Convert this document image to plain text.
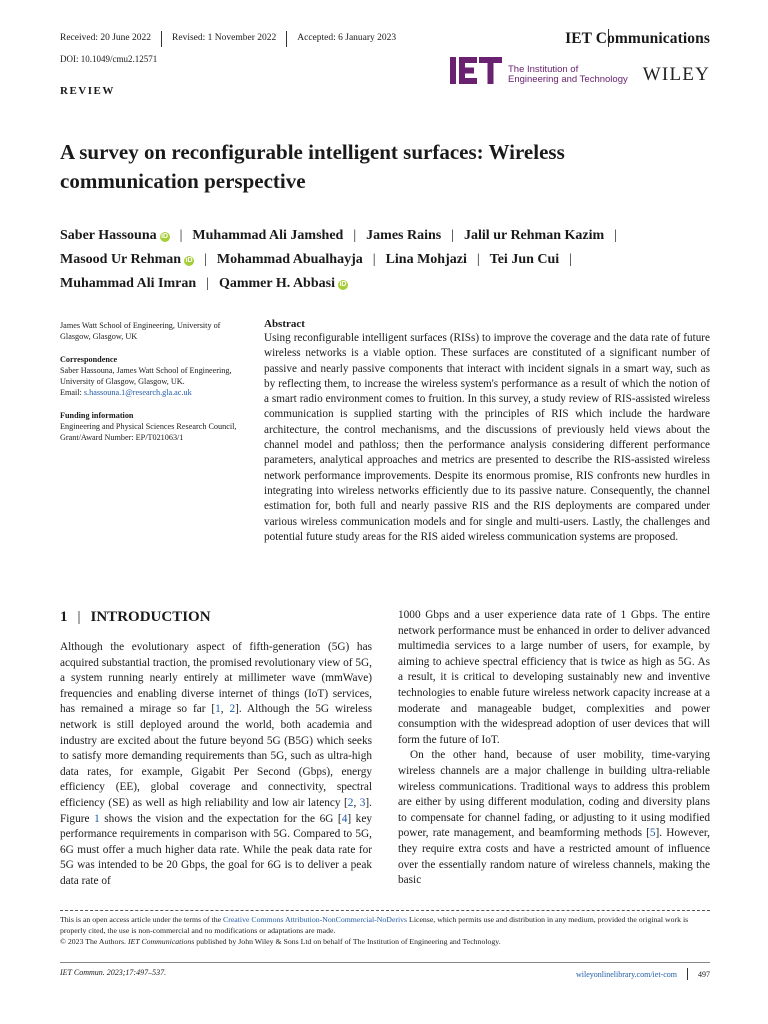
Received: 20 June 2022 Revised: 1 November 2022 Accepted: 6 January 2023	IET Communications
DOI: 10.1049/cmu2.12571
The Institution of
Engineering and Technology WILEY
REVIEW
A survey on reconfigurable intelligent surfaces: Wireless communication perspective
Saber Hassouna iD | Muhammad Ali Jamshed | James Rains | Jalil ur Rehman Kazim |
Masood Ur Rehman iD | Mohammad Abualhayja | Lina Mohjazi | Tei Jun Cui |
Muhammad Ali Imran | Qammer H. Abbasi iD
James Watt School of Engineering, University of Glasgow, Glasgow, UK
Correspondence
Saber Hassouna, James Watt School of Engineering, University of Glasgow, Glasgow, UK.
Email: s.hassouna.1@research.gla.ac.uk
Funding information
Engineering and Physical Sciences Research Council, Grant/Award Number: EP/T021063/1
Abstract

Using reconfigurable intelligent surfaces (RISs) to improve the coverage and the data rate of future wireless networks is a viable option. These surfaces are constituted of a significant number of passive and nearly passive components that interact with incident signals in a smart way, such as by reflecting them, to increase the wireless system's performance as a result of which the notion of a smart radio environment comes to fruition. In this survey, a study review of RIS-assisted wireless communication is supplied starting with the principles of RIS which include the hardware architecture, the control mechanisms, and the discussions of previously held views about the channel model and pathloss; then the performance analysis considering different performance parameters, analytical approaches and metrics are presented to describe the RIS-assisted wireless network performance improvements. Despite its enormous promise, RIS confronts new hurdles in integrating into wireless networks efficiently due to its passive nature. Consequently, the channel estimation for, both full and nearly passive RIS and the RIS deployments are compared under various wireless communication models and for single and multi-users. Lastly, the challenges and potential future study areas for the RIS aided wireless communication systems are proposed.

1 | INTRODUCTION

Although the evolutionary aspect of fifth-generation (5G) has acquired substantial traction, the promised revolutionary view of 5G, a system running nearly entirely at millimeter wave (mmWave) frequencies and enabling diverse internet of things (IoT) services, has remained a mirage so far [1, 2]. Although the 5G wireless network is still deployed around the world, both academia and industry are excited about the future beyond 5G (B5G) which seeks to satisfy more demanding requirements than 5G, such as ultra-high data rates, for example, Gigabit Per Second (Gbps), energy efficiency (EE), global coverage and connectivity, spectral efficiency (SE) as well as high reliability and low air latency [2, 3]. Figure 1 shows the vision and the expectation for the 6G [4] key performance requirements in comparison with 5G. Compared to 5G, 6G must offer a much higher data rate. While the peak data rate for 5G was intended to be 20 Gbps, the goal for 6G is to deliver a peak data rate of

1000 Gbps and a user experience data rate of 1 Gbps. The entire network performance must be enhanced in order to deliver advanced multimedia services to a large number of users, for example, by aiming to achieve spectral efficiency that is twice as high as 5G. As a result, it is critical to developing sustainably new and inventive technologies to enable future wireless network capacity increase at a moderate and manageable budget, complexities and power consumption with the widespread adoption of user devices that will form the future of IoT.

On the other hand, because of user mobility, time-varying wireless channels are a major challenge in building ultra-reliable wireless communications. Traditional ways to address this problem are either by using different modulation, coding and diversity plans to compensate for channel fading, or adjusting to it using modified power, rate management, and beamforming methods [5]. However, they require extra costs and have a restricted amount of influence over the essentially random nature of wireless channels, making the basic

This is an open access article under the terms of the Creative Commons Attribution-NonCommercial-NoDerivs License, which permits use and distribution in any medium, provided the original work is properly cited, the use is non-commercial and no modifications or adaptations are made.
© 2023 The Authors. IET Communications published by John Wiley & Sons Ltd on behalf of The Institution of Engineering and Technology.
IET Commun. 2023;17:497–537.	wileyonlinelibrary.com/iet-com	497
